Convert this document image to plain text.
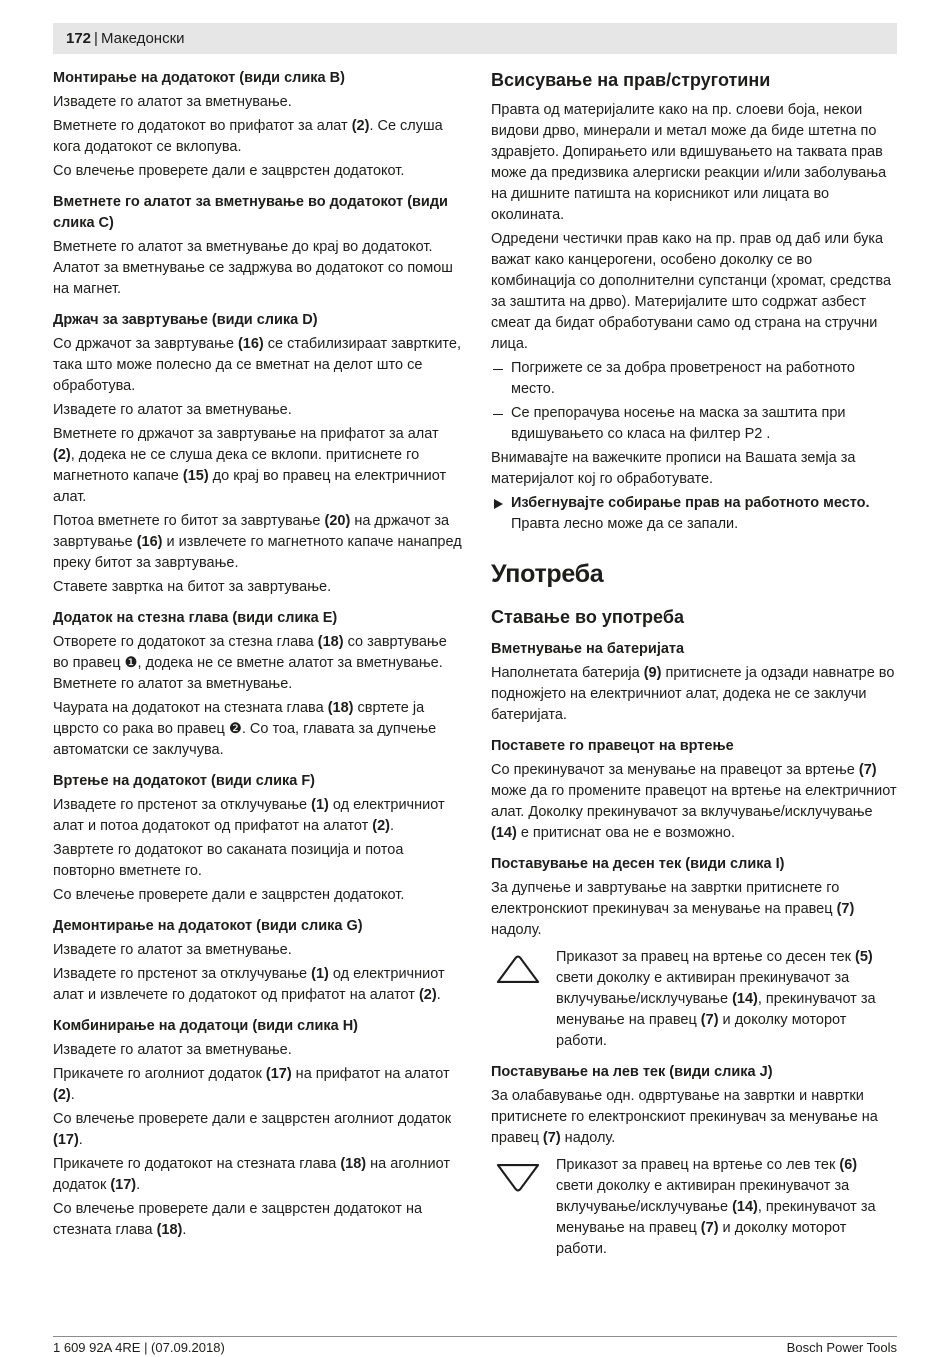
172 | Македонски
Монтирање на додатокот (види слика B)

Извадете го алатот за вметнување.

Вметнете го додатокот во прифатот за алат (2). Се слуша кога додатокот се вклопува.

Со влечење проверете дали е зацврстен додатокот.

Вметнете го алатот за вметнување во додатокот (види слика C)

Вметнете го алатот за вметнување до крај во додатокот. Алатот за вметнување се задржува во додатокот со помош на магнет.

Држач за завртување (види слика D)

Со држачот за завртување (16) се стабилизираат завртките, така што може полесно да се вметнат на делот што се обработува.

Извадете го алатот за вметнување.

Вметнете го држачот за завртување на прифатот за алат (2), додека не се слуша дека се вклопи. притиснете го магнетното капаче (15) до крај во правец на електричниот алат.

Потоа вметнете го битот за завртување (20) на држачот за завртување (16) и извлечете го магнетното капаче нанапред преку битот за завртување.

Ставете завртка на битот за завртување.

Додаток на стезна глава (види слика E)

Отворете го додатокот за стезна глава (18) со завртување во правец ❶, додека не се вметне алатот за вметнување. Вметнете го алатот за вметнување.

Чаурата на додатокот на стезната глава (18) свртете ја цврсто со рака во правец ❷. Со тоа, главата за дупчење автоматски се заклучува.

Вртење на додатокот (види слика F)

Извадете го прстенот за отклучување (1) од електричниот алат и потоа додатокот од прифатот на алатот (2).

Завртете го додатокот во саканата позиција и потоа повторно вметнете го.

Со влечење проверете дали е зацврстен додатокот.

Демонтирање на додатокот (види слика G)

Извадете го алатот за вметнување.

Извадете го прстенот за отклучување (1) од електричниот алат и извлечете го додатокот од прифатот на алатот (2).

Комбинирање на додатоци (види слика H)

Извадете го алатот за вметнување.

Прикачете го аголниот додаток (17) на прифатот на алатот (2).

Со влечење проверете дали е зацврстен аголниот додаток (17).

Прикачете го додатокот на стезната глава (18) на аголниот додаток (17).

Со влечење проверете дали е зацврстен додатокот на стезната глава (18).

Всисување на прав/струготини

Правта од материјалите како на пр. слоеви боја, некои видови дрво, минерали и метал може да биде штетна по здравјето. Допирањето или вдишувањето на таквата прав може да предизвика алергиски реакции и/или заболувања на дишните патишта на корисникот или лицата во околината.

Одредени честички прав како на пр. прав од даб или бука важат како канцерогени, особено доколку се во комбинација со дополнителни супстанци (хромат, средства за заштита на дрво). Материјалите што содржат азбест смеат да бидат обработувани само од страна на стручни лица.

Погрижете се за добра проветреност на работното место.
Се препорачува носење на маска за заштита при вдишувањето со класа на филтер P2 .

Внимавајте на важечките прописи на Вашата земја за материјалот кој го обработувате.

Избегнувајте собирање прав на работното место. Правта лесно може да се запали.
Употреба
Ставање во употреба
Вметнување на батеријата

Наполнетата батерија (9) притиснете ја одзади навнатре во подножјето на електричниот алат, додека не се заклучи батеријата.

Поставете го правецот на вртење

Со прекинувачот за менување на правецот за вртење (7) може да го промените правецот на вртење на електричниот алат. Доколку прекинувачот за вклучување/исклучување (14) е притиснат ова не е возможно.

Поставување на десен тек (види слика I)

За дупчење и завртување на завртки притиснете го електронскиот прекинувач за менување на правец (7) надолу.

Приказот за правец на вртење со десен тек (5) свети доколку е активиран прекинувачот за вклучување/исклучување (14), прекинувачот за менување на правец (7) и доколку моторот работи.
Поставување на лев тек (види слика J)

За олабавување одн. одвртување на завртки и навртки притиснете го електронскиот прекинувач за менување на правец (7) надолу.

Приказот за правец на вртење со лев тек (6) свети доколку е активиран прекинувачот за вклучување/исклучување (14), прекинувачот за менување на правец (7) и доколку моторот работи.
1 609 92A 4RE | (07.09.2018)	Bosch Power Tools
